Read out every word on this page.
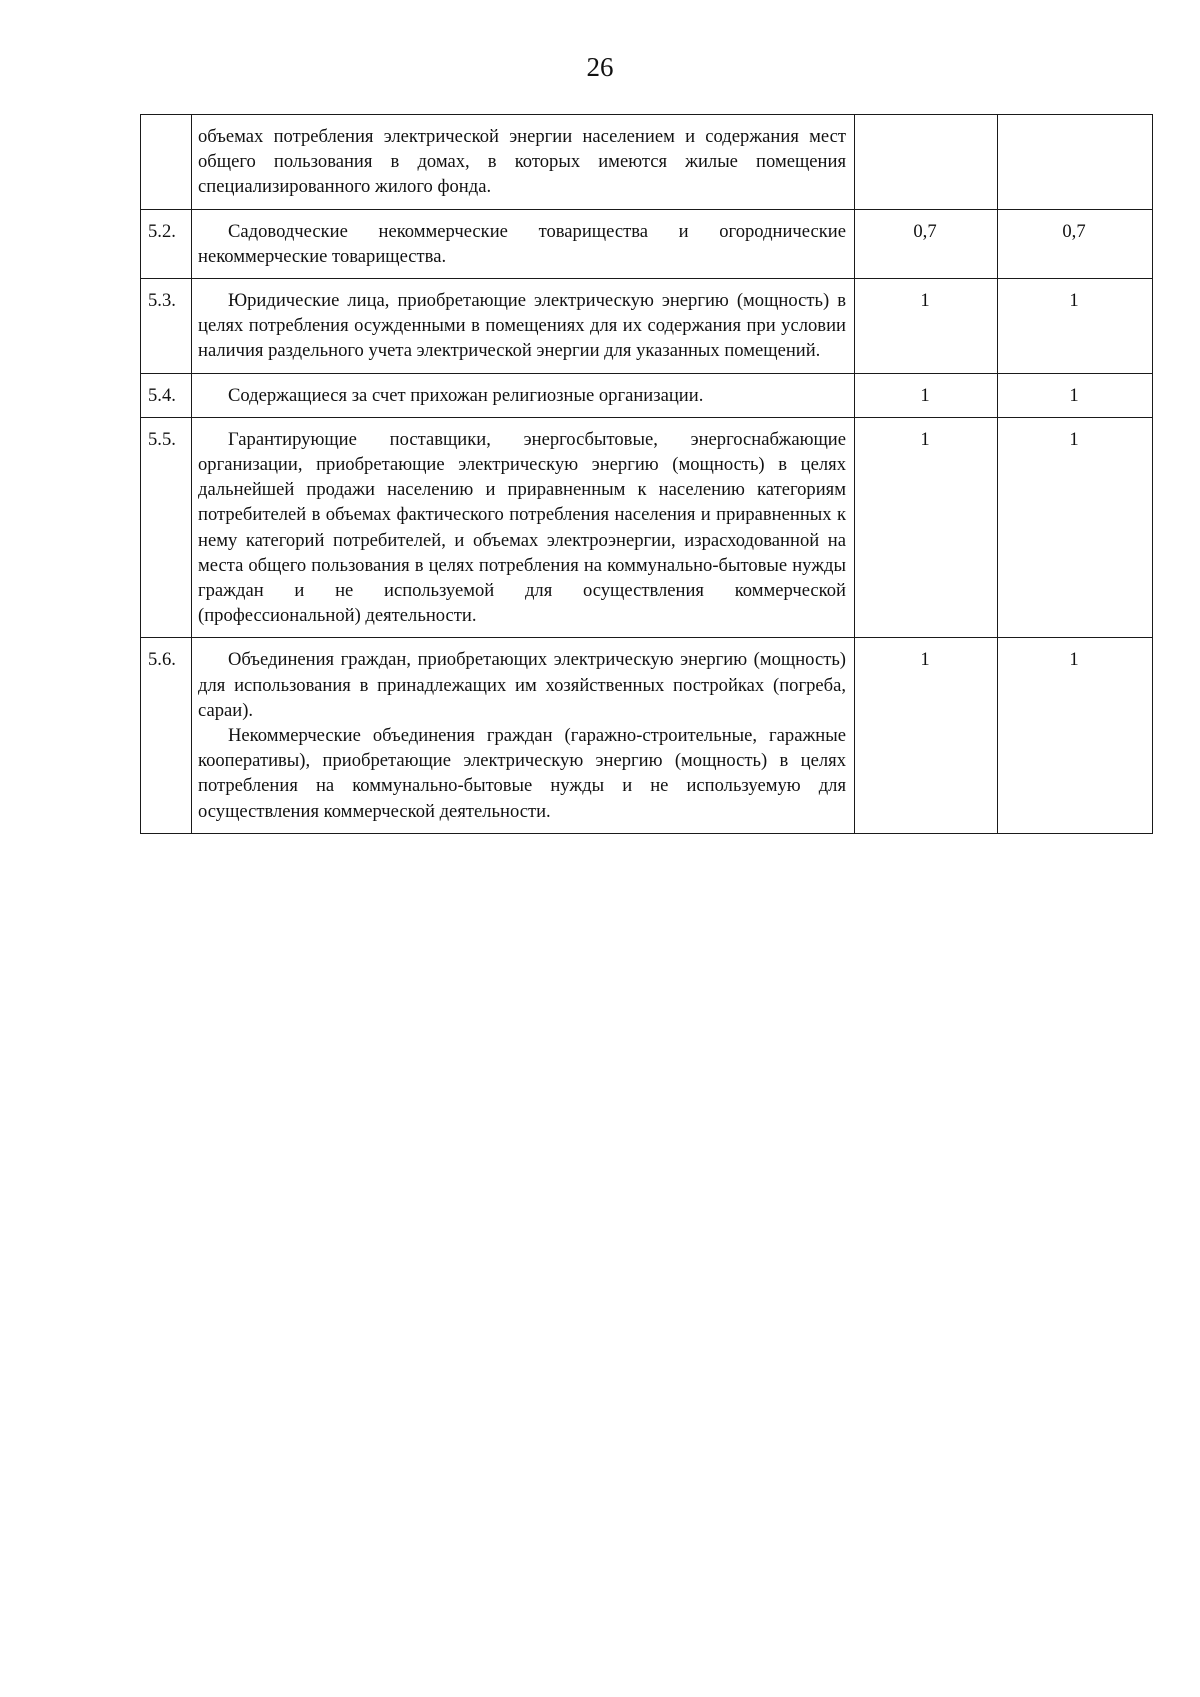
26

	объемах потребления электрической энергии населением и содержания мест общего пользования в домах, в которых имеются жилые помещения специализированного жилого фонда.		

5.2.	Садоводческие некоммерческие товарищества и огороднические некоммерческие товарищества.	0,7	0,7
5.3.	Юридические лица, приобретающие электрическую энергию (мощность) в целях потребления осужденными в помещениях для их содержания при условии наличия раздельного учета электрической энергии для указанных помещений.	1	1
5.4.	Содержащиеся за счет прихожан религиозные организации.	1	1
5.5.	Гарантирующие поставщики, энергосбытовые, энергоснабжающие организации, приобретающие электрическую энергию (мощность) в целях дальнейшей продажи населению и приравненным к населению категориям потребителей в объемах фактического потребления населения и приравненных к нему категорий потребителей, и объемах электроэнергии, израсходованной на места общего пользования в целях потребления на коммунально-бытовые нужды граждан и не используемой для осуществления коммерческой (профессиональной) деятельности.	1	1
5.6.	Объединения граждан, приобретающих электрическую энергию (мощность) для использования в принадлежащих им хозяйственных постройках (погреба, сараи).
Некоммерческие объединения граждан (гаражно-строительные, гаражные кооперативы), приобретающие электрическую энергию (мощность) в целях потребления на коммунально-бытовые нужды и не используемую для осуществления коммерческой деятельности.	1	1
